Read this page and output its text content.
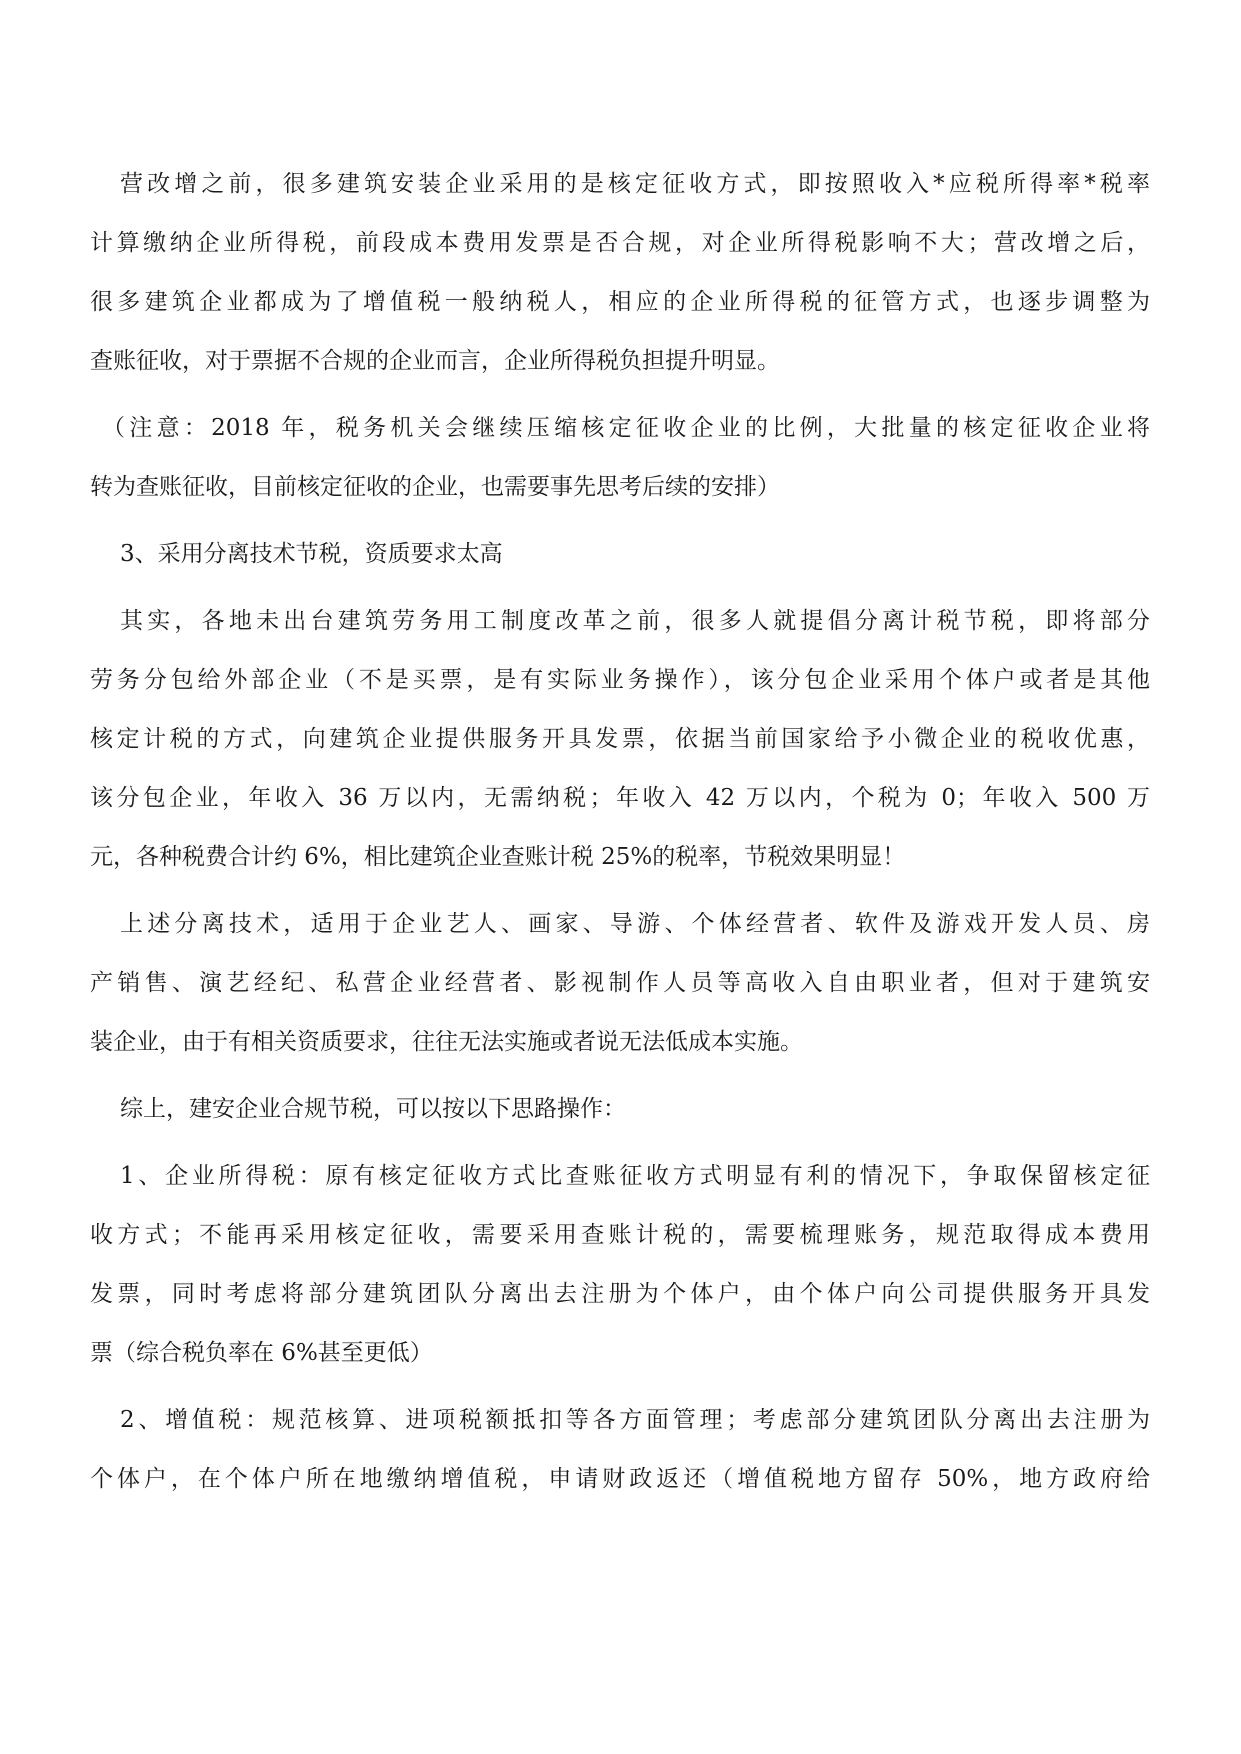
营改增之前，很多建筑安装企业采用的是核定征收方式，即按照收入*应税所得率*税率
计算缴纳企业所得税，前段成本费用发票是否合规，对企业所得税影响不大；营改增之后，
很多建筑企业都成为了增值税一般纳税人，相应的企业所得税的征管方式，也逐步调整为
查账征收，对于票据不合规的企业而言，企业所得税负担提升明显。
（注意：2018 年，税务机关会继续压缩核定征收企业的比例，大批量的核定征收企业将
转为查账征收，目前核定征收的企业，也需要事先思考后续的安排）
3、采用分离技术节税，资质要求太高
其实，各地未出台建筑劳务用工制度改革之前，很多人就提倡分离计税节税，即将部分
劳务分包给外部企业（不是买票，是有实际业务操作），该分包企业采用个体户或者是其他
核定计税的方式，向建筑企业提供服务开具发票，依据当前国家给予小微企业的税收优惠，
该分包企业，年收入 36 万以内，无需纳税；年收入 42 万以内，个税为 0；年收入 500 万
元，各种税费合计约 6%，相比建筑企业查账计税 25%的税率，节税效果明显！
上述分离技术，适用于企业艺人、画家、导游、个体经营者、软件及游戏开发人员、房
产销售、演艺经纪、私营企业经营者、影视制作人员等高收入自由职业者，但对于建筑安
装企业，由于有相关资质要求，往往无法实施或者说无法低成本实施。
综上，建安企业合规节税，可以按以下思路操作：
1、企业所得税：原有核定征收方式比查账征收方式明显有利的情况下，争取保留核定征
收方式；不能再采用核定征收，需要采用查账计税的，需要梳理账务，规范取得成本费用
发票，同时考虑将部分建筑团队分离出去注册为个体户，由个体户向公司提供服务开具发
票（综合税负率在 6%甚至更低）
2、增值税：规范核算、进项税额抵扣等各方面管理；考虑部分建筑团队分离出去注册为
个体户，在个体户所在地缴纳增值税，申请财政返还（增值税地方留存 50%，地方政府给
